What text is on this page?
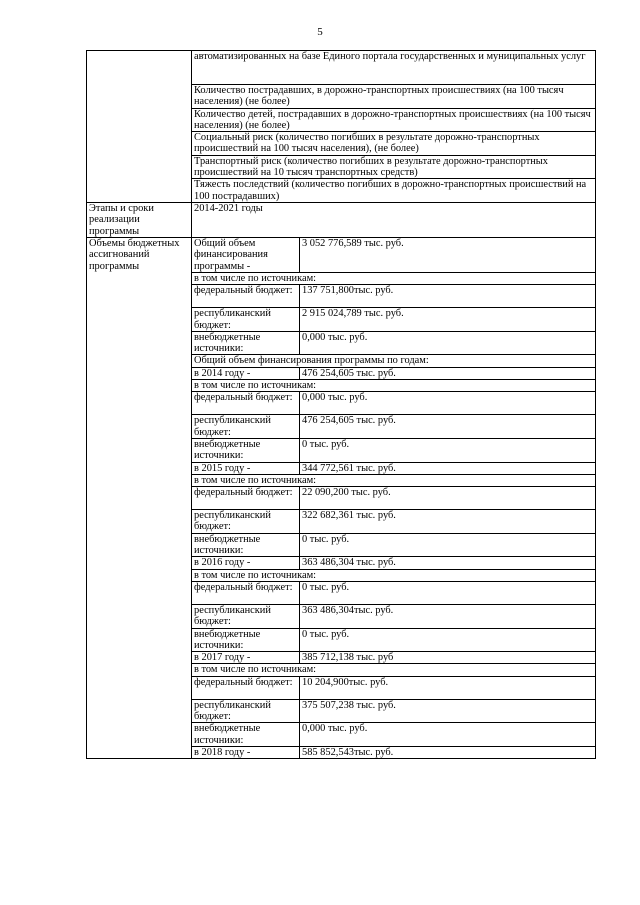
5
	автоматизированных на базе Единого портала государственных и муниципальных услуг	
	Количество пострадавших, в дорожно-транспортных происшествиях (на 100 тысяч населения) (не более)	
	Количество детей, пострадавших в дорожно-транспортных происшествиях (на 100 тысяч населения) (не более)	
	Социальный риск (количество погибших в результате дорожно-транспортных происшествий на 100 тысяч населения), (не более)	
	Транспортный риск (количество погибших в результате дорожно-транспортных происшествий на 10 тысяч транспортных средств)	
	Тяжесть последствий (количество погибших в дорожно-транспортных происшествий на 100 пострадавших)	
Этапы и сроки реализации программы	2014-2021 годы	
Объемы бюджетных ассигнований программы	Общий объем финансирования программы -	3 052 776,589 тыс. руб.
	в том числе по источникам:	
	федеральный бюджет:	137 751,800тыс. руб.
	республиканский бюджет:	2 915 024,789 тыс. руб.
	внебюджетные источники:	0,000 тыс. руб.
	Общий объем финансирования программы по годам:	
	в 2014 году -	476 254,605 тыс. руб.
	в том числе по источникам:	
	федеральный бюджет:	0,000 тыс. руб.
	республиканский бюджет:	476 254,605 тыс. руб.
	внебюджетные источники:	0 тыс. руб.
	в 2015 году -	344 772,561 тыс. руб.
	в том числе по источникам:	
	федеральный бюджет:	22 090,200 тыс. руб.
	республиканский бюджет:	322 682,361 тыс. руб.
	внебюджетные источники:	0 тыс. руб.
	в 2016 году -	363 486,304 тыс. руб.
	в том числе по источникам:	
	федеральный бюджет:	0 тыс. руб.
	республиканский бюджет:	363 486,304тыс. руб.
	внебюджетные источники:	0 тыс. руб.
	в 2017 году -	385 712,138 тыс. руб
	в том числе по источникам:	
	федеральный бюджет:	10 204,900тыс. руб.
	республиканский бюджет:	375 507,238 тыс. руб.
	внебюджетные источники:	0,000 тыс. руб.
	в 2018 году -	585 852,543тыс. руб.
